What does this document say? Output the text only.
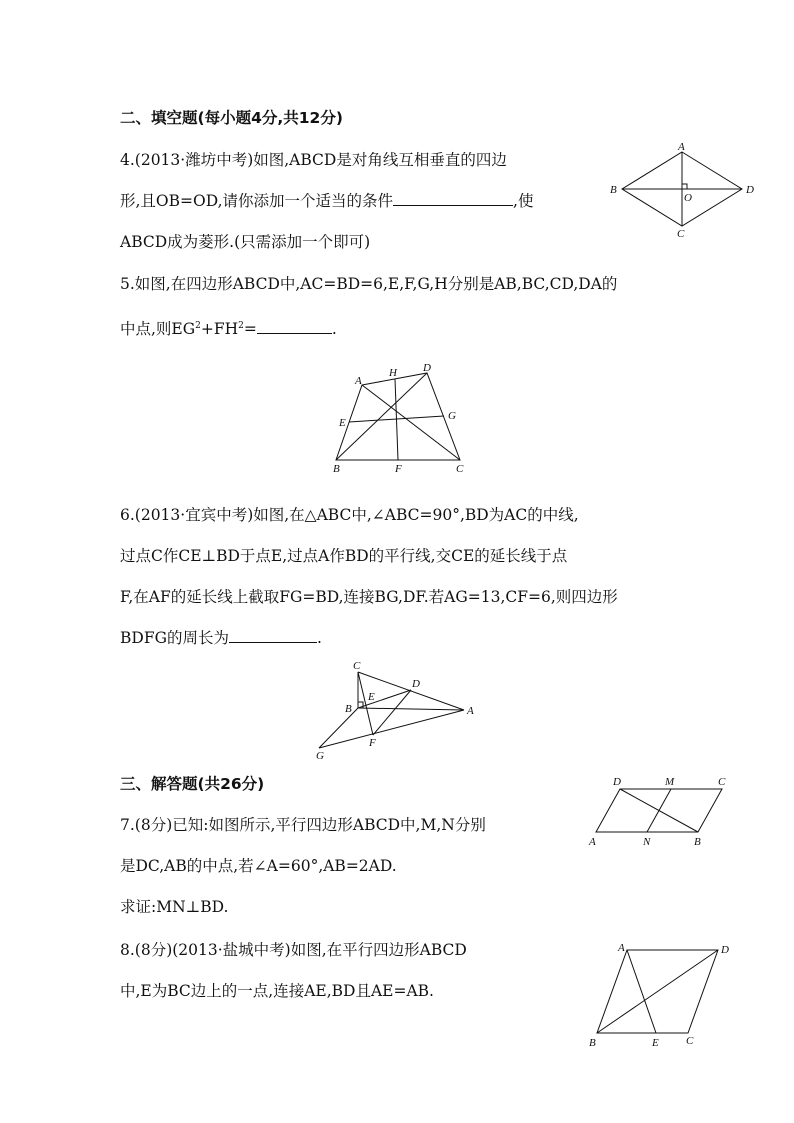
二、填空题(每小题4分,共12分)
4.(2013·潍坊中考)如图,ABCD是对角线互相垂直的四边
形,且OB=OD,请你添加一个适当的条件	,使
ABCD成为菱形.(只需添加一个即可)
A
B
C
D
O
5.如图,在四边形ABCD中,AC=BD=6,E,F,G,H分别是AB,BC,CD,DA的
中点,则$EG^2+FH^2=$	.
A
D
H
E
G
B	F	C
6.(2013·宜宾中考)如图,在△ABC中,∠ABC=90°,BD为AC的中线,
过点C作CE⊥BD于点E,过点A作BD的平行线,交CE的延长线于点
F,在AF的延长线上截取FG=BD,连接BG,DF.若AG=13,CF=6,则四边形
BDFG的周长为	.
C
D
E
B	A
F
G
三、解答题(共26分)
7.(8分)已知:如图所示,平行四边形ABCD中,M,N分别
是DC,AB的中点,若∠A=60°,AB=2AD.
求证:MN⊥BD.
D	M	C
A	N	B
8.(8分)(2013·盐城中考)如图,在平行四边形ABCD
中,E为BC边上的一点,连接AE,BD且AE=AB.
A	D
B	E C
